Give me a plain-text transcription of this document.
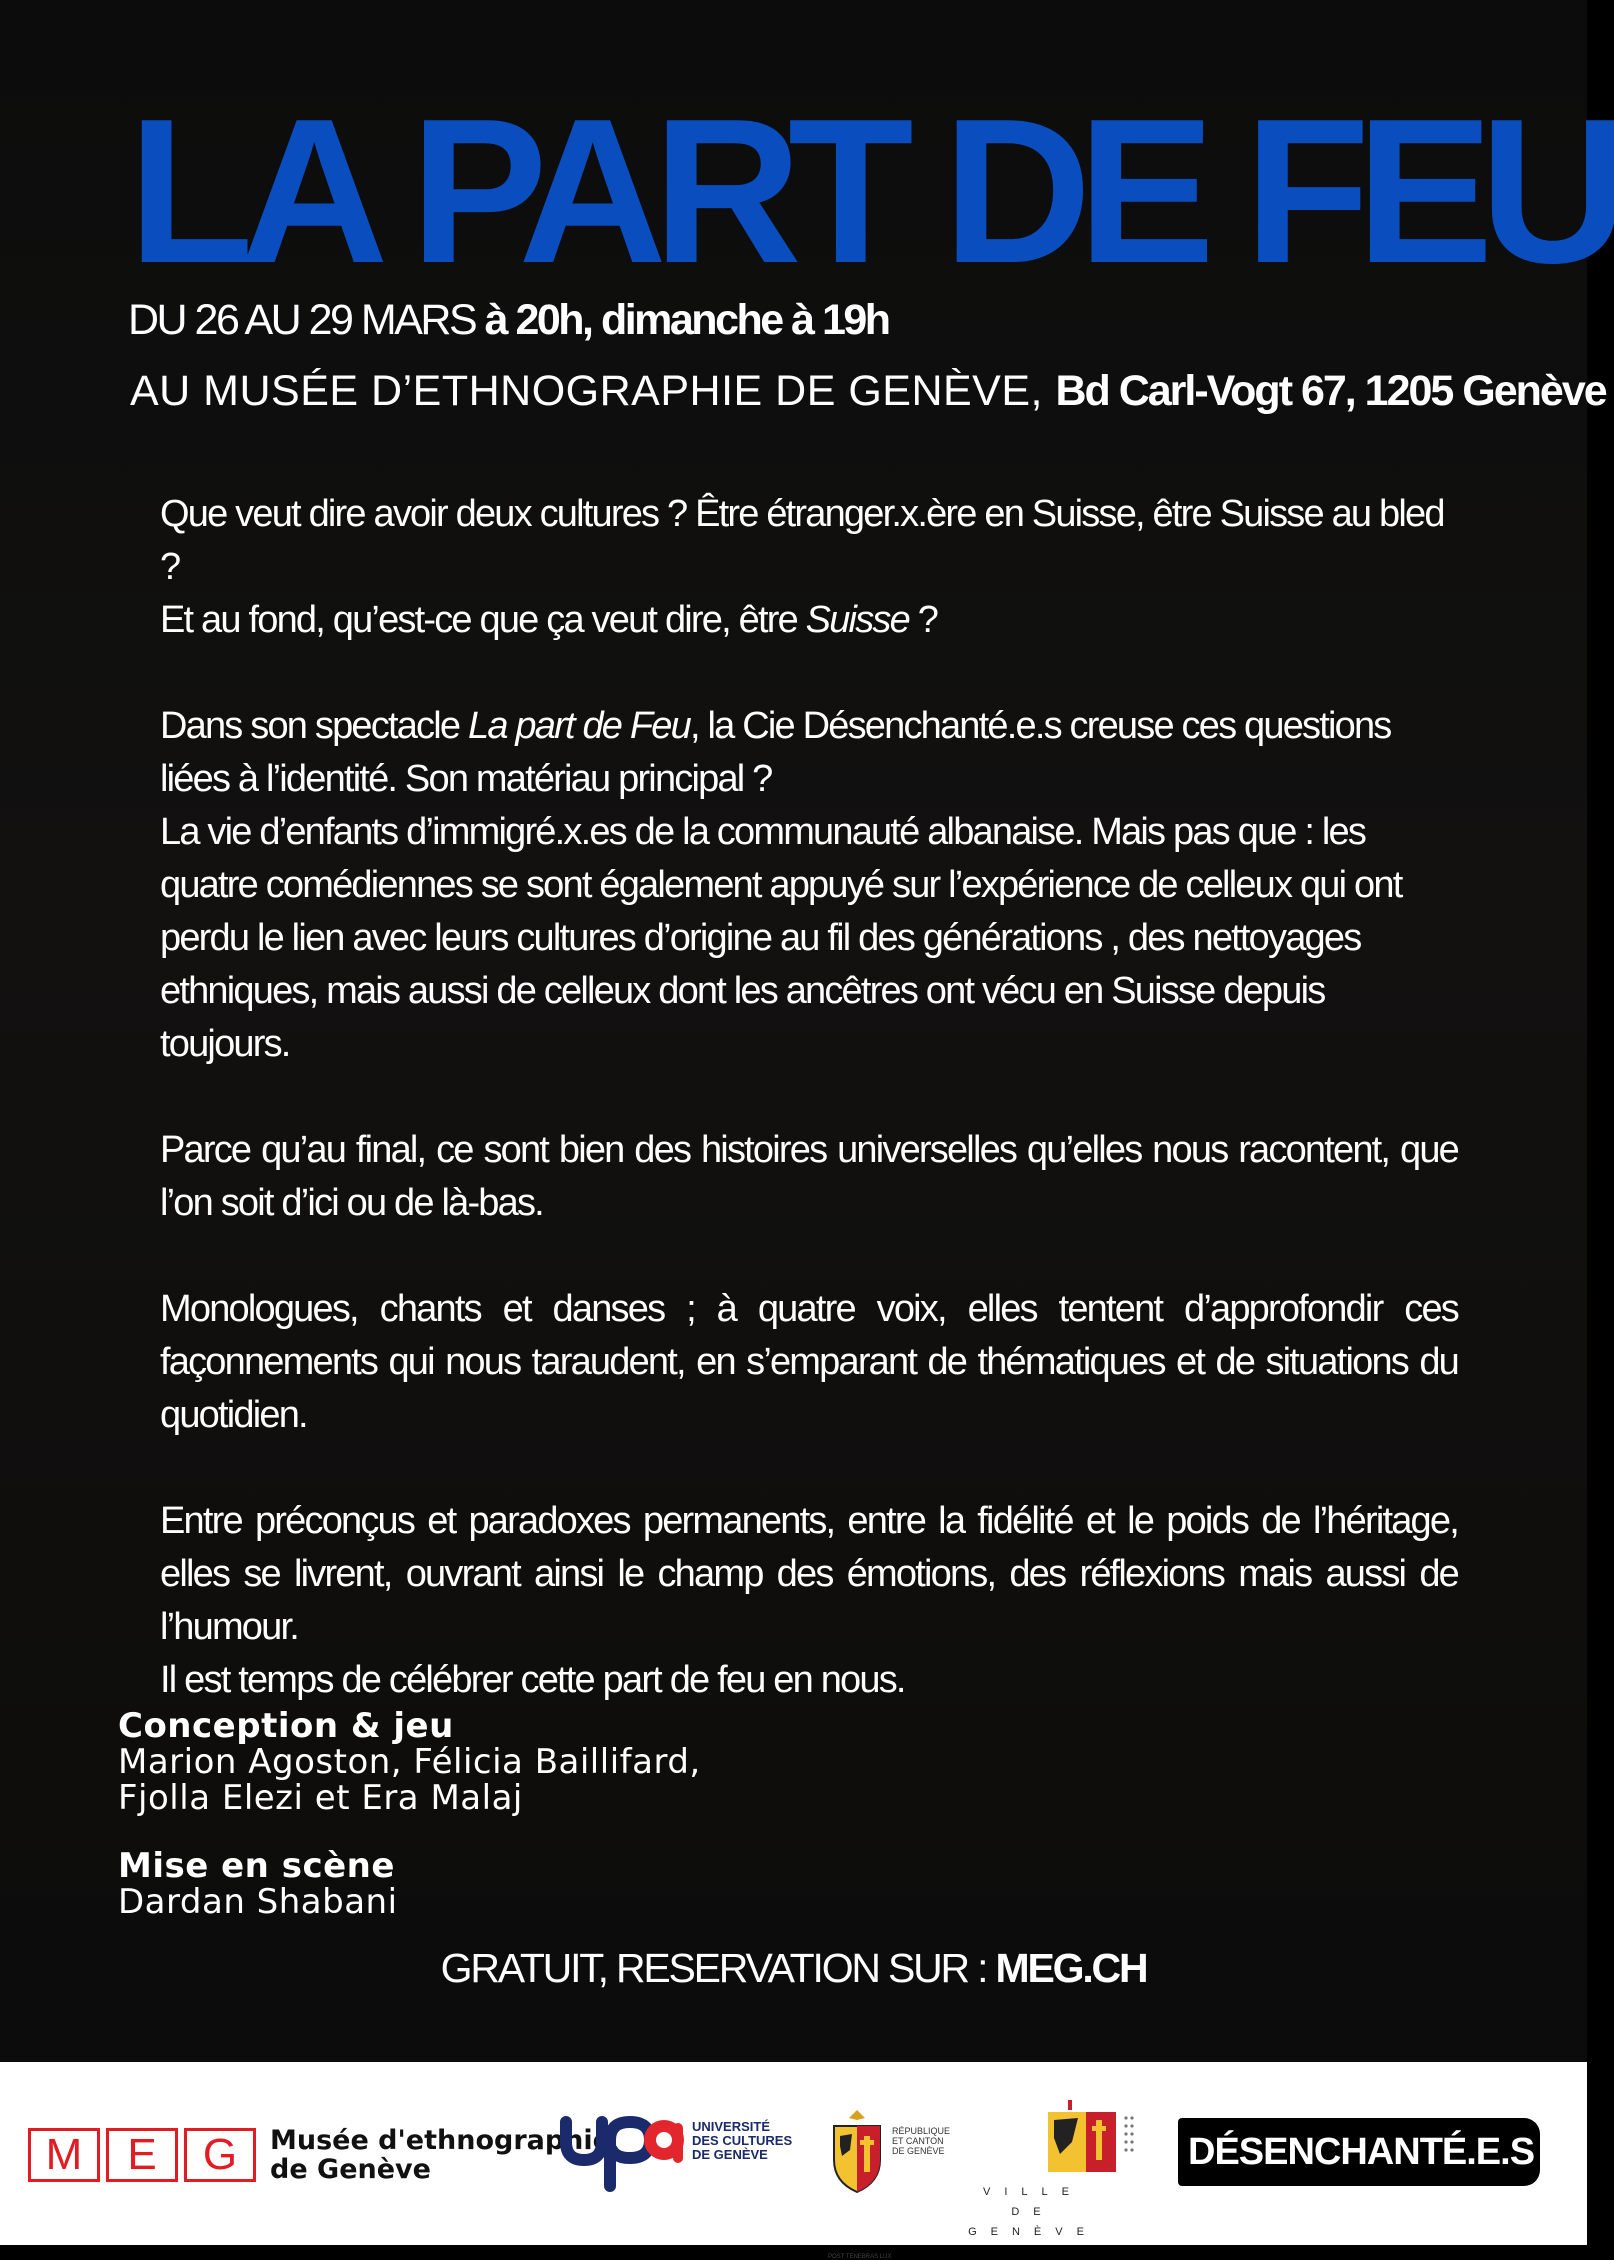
LA PART DE FEU
DU 26 AU 29 MARS à 20h, dimanche à 19h
AU MUSÉE D’ETHNOGRAPHIE DE GENÈVE, Bd Carl-Vogt 67, 1205 Genève

Que veut dire avoir deux cultures ? Être étranger.x.ère en Suisse, être Suisse au bled ?
Et au fond, qu’est-ce que ça veut dire, être Suisse ?

Dans son spectacle La part de Feu, la Cie Désenchanté.e.s creuse ces questions liées à l’identité. Son matériau principal ?
La vie d’enfants d’immigré.x.es de la communauté albanaise. Mais pas que : les quatre comédiennes se sont également appuyé sur l’expérience de celleux qui ont perdu le lien avec leurs cultures d’origine au fil des générations , des nettoyages ethniques, mais aussi de celleux dont les ancêtres ont vécu en Suisse depuis toujours.

Parce qu’au final, ce sont bien des histoires universelles qu’elles nous racontent, que l’on soit d’ici ou de là-bas.

Monologues, chants et danses ; à quatre voix, elles tentent d’approfondir ces façonnements qui nous taraudent, en s’emparant de thématiques et de situations du quotidien.

Entre préconçus et paradoxes permanents, entre la fidélité et le poids de l’héritage, elles se livrent, ouvrant ainsi le champ des émotions, des réflexions mais aussi de l’humour.
Il est temps de célébrer cette part de feu en nous.

Conception & jeu
Marion Agoston, Félicia Baillifard,
Fjolla Elezi et Era Malaj
Mise en scène
Dardan Shabani
GRATUIT, RESERVATION SUR : MEG.CH
M	E	G	Musée d'ethnographie
de Genève
UNIVERSITÉ
DES CULTURES
DE GENÈVE
RÉPUBLIQUE
ET CANTON
DE GENÈVE
POST TENEBRAS LUX
VILLE DE
GENÈVE
DÉSENCHANTÉ.E.S
